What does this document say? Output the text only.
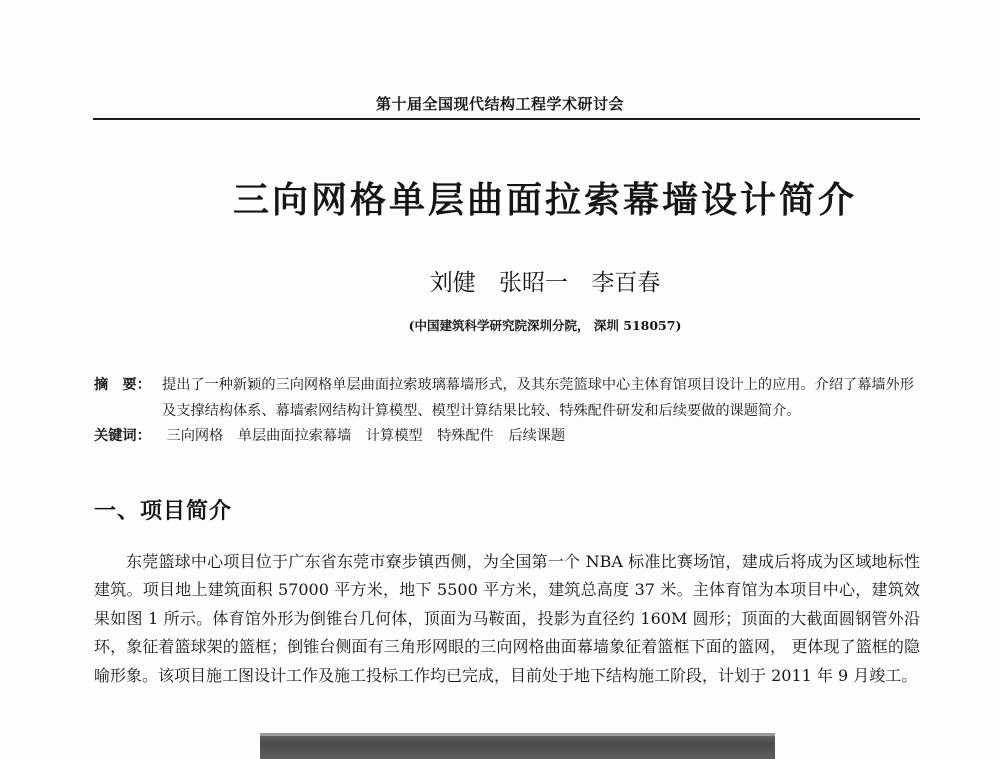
第十届全国现代结构工程学术研讨会
三向网格单层曲面拉索幕墙设计简介
刘健 张昭一 李百春
(中国建筑科学研究院深圳分院， 深圳 518057)
摘　要： 提出了一种新颖的三向网格单层曲面拉索玻璃幕墙形式，及其东莞篮球中心主体育馆项目设计上的应用。介绍了幕墙外形及支撑结构体系、幕墙索网结构计算模型、模型计算结果比较、特殊配件研发和后续要做的课题简介。
关键词： 三向网格 单层曲面拉索幕墙 计算模型 特殊配件 后续课题
一、项目简介
东莞篮球中心项目位于广东省东莞市寮步镇西侧，为全国第一个 NBA 标准比赛场馆，建成后将成为区域地标性建筑。项目地上建筑面积 57000 平方米，地下 5500 平方米，建筑总高度 37 米。主体育馆为本项目中心，建筑效果如图 1 所示。体育馆外形为倒锥台几何体，顶面为马鞍面，投影为直径约 160M 圆形；顶面的大截面圆钢管外沿环，象征着篮球架的篮框；倒锥台侧面有三角形网眼的三向网格曲面幕墙象征着篮框下面的篮网， 更体现了篮框的隐喻形象。该项目施工图设计工作及施工投标工作均已完成，目前处于地下结构施工阶段，计划于 2011 年 9 月竣工。
